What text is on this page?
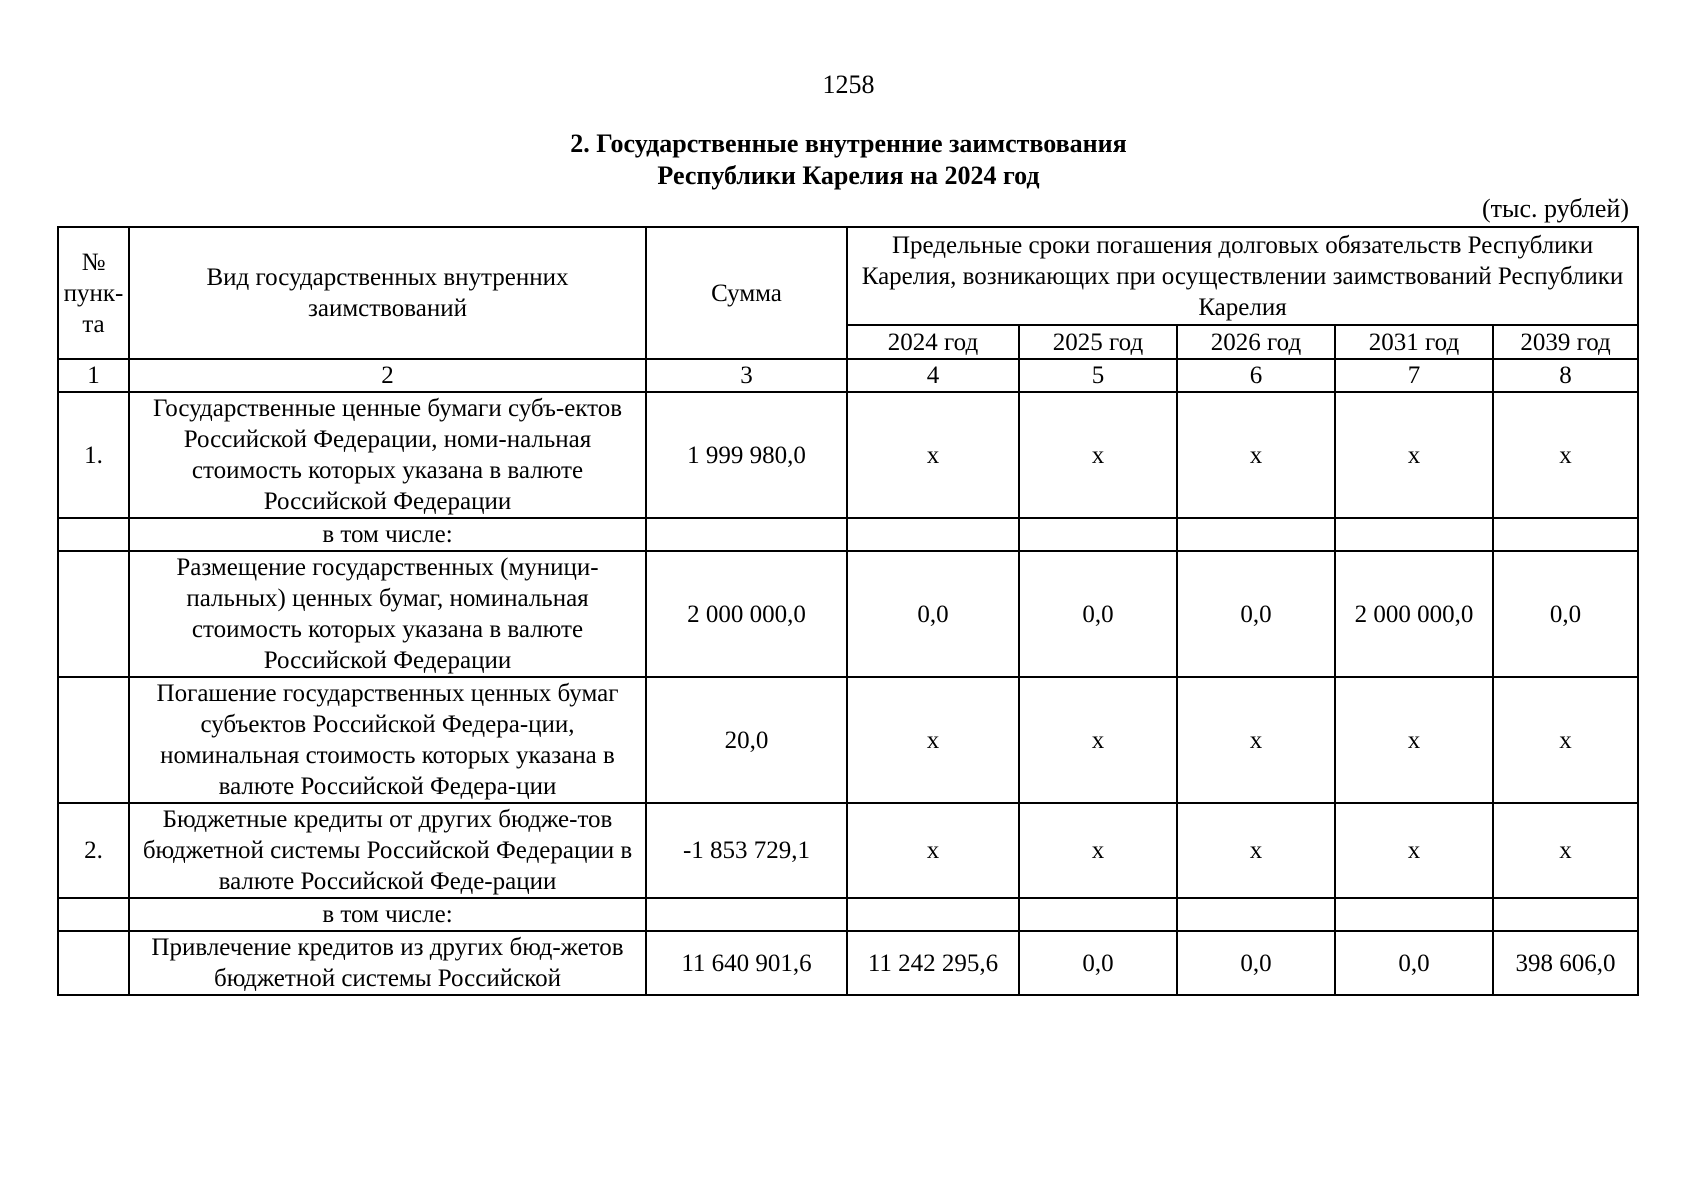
1258
2. Государственные внутренние заимствования
Республики Карелия на 2024 год
(тыс. рублей)
№ пунк-та	Вид государственных внутренних заимствований	Сумма	Предельные сроки погашения долговых обязательств Республики Карелия, возникающих при осуществлении заимствований Республики Карелия				
			2024 год	2025 год	2026 год	2031 год	2039 год
1	2	3	4	5	6	7	8
1.	Государственные ценные бумаги субъ-ектов Российской Федерации, номи-нальная стоимость которых указана в валюте Российской Федерации	1 999 980,0	х	х	х	х	х
	в том числе:						
	Размещение государственных (муници-пальных) ценных бумаг, номинальная стоимость которых указана в валюте Российской Федерации	2 000 000,0	0,0	0,0	0,0	2 000 000,0	0,0
	Погашение государственных ценных бумаг субъектов Российской Федера-ции, номинальная стоимость которых указана в валюте Российской Федера-ции	20,0	х	х	х	х	х
2.	Бюджетные кредиты от других бюдже-тов бюджетной системы Российской Федерации в валюте Российской Феде-рации	-1 853 729,1	х	х	х	х	х
	в том числе:						
	Привлечение кредитов из других бюд-жетов бюджетной системы Российской	11 640 901,6	11 242 295,6	0,0	0,0	0,0	398 606,0
